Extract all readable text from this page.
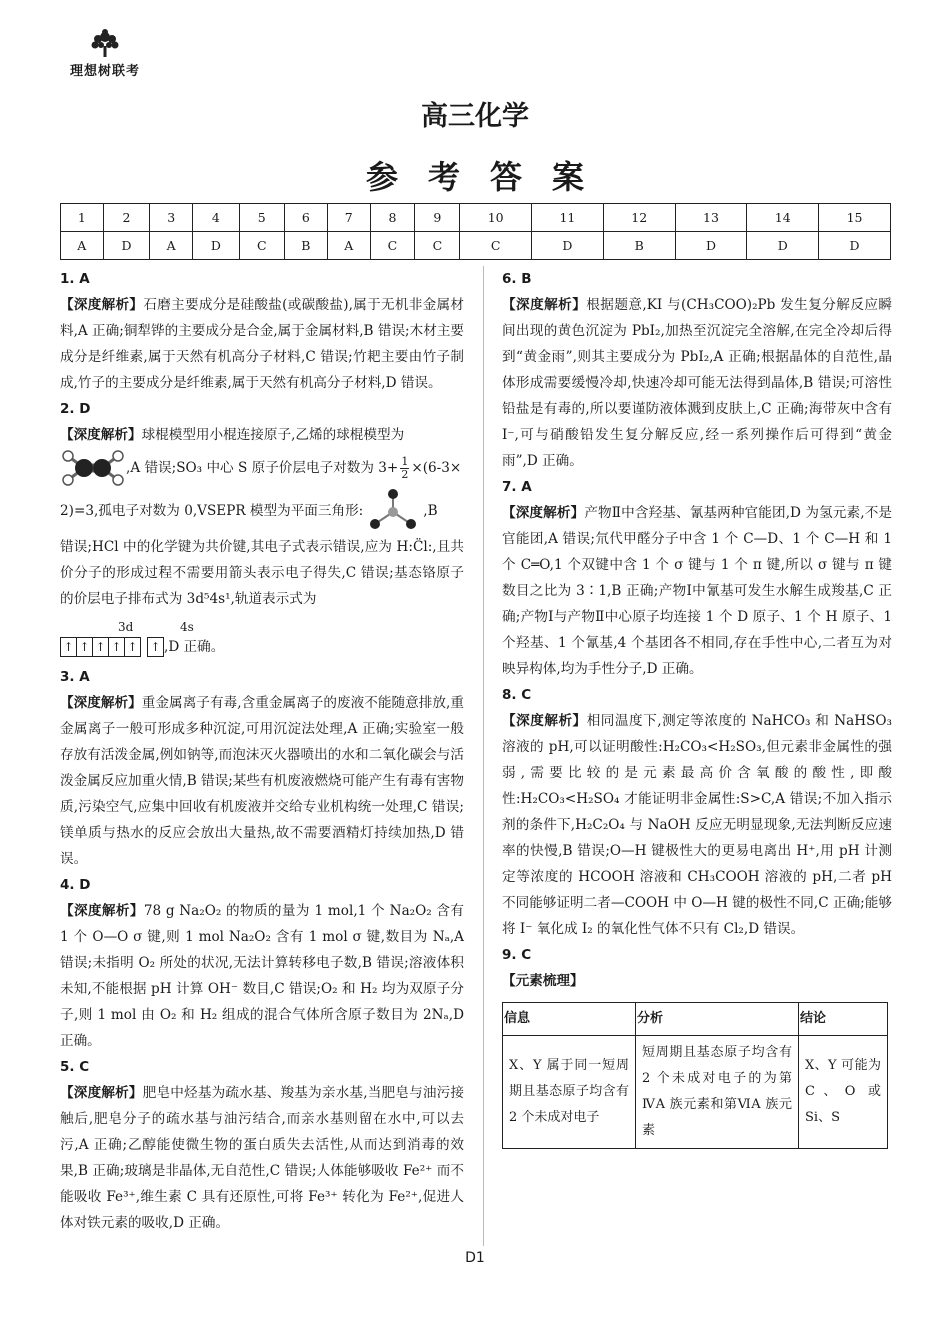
理想树联考
高三化学
参考答案
1	2	3	4	5	6	7	8	9	10	11	12	13	14	15
A	D	A	D	C	B	A	C	C	C	D	B	D	D	D
1. A

【深度解析】石磨主要成分是硅酸盐(或碳酸盐),属于无机非金属材料,A 正确;铜犁铧的主要成分是合金,属于金属材料,B 错误;木材主要成分是纤维素,属于天然有机高分子材料,C 错误;竹耙主要由竹子制成,竹子的主要成分是纤维素,属于天然有机高分子材料,D 错误。

2. D

【深度解析】球棍模型用小棍连接原子,乙烯的球棍模型为

,A 错误;SO₃ 中心 S 原子价层电子对数为 $3+ \frac{1}{2} \times(6-3\times$
2)=3,孤电子对数为 0,VSEPR 模型为平面三角形:	,B

错误;HCl 中的化学键为共价键,其电子式表示错误,应为 H:C̈l:,且共价分子的形成过程不需要用箭头表示电子得失,C 错误;基态铬原子的价层电子排布式为 3d⁵4s¹,轨道表示式为

3d	4s
↑ ↑ ↑ ↑ ↑ ↑ ,D 正确。
3. A

【深度解析】重金属离子有毒,含重金属离子的废液不能随意排放,重金属离子一般可形成多种沉淀,可用沉淀法处理,A 正确;实验室一般存放有活泼金属,例如钠等,而泡沫灭火器喷出的水和二氧化碳会与活泼金属反应加重火情,B 错误;某些有机废液燃烧可能产生有毒有害物质,污染空气,应集中回收有机废液并交给专业机构统一处理,C 错误;镁单质与热水的反应会放出大量热,故不需要酒精灯持续加热,D 错误。

4. D

【深度解析】78 g Na₂O₂ 的物质的量为 1 mol,1 个 Na₂O₂ 含有 1 个 O—O σ 键,则 1 mol Na₂O₂ 含有 1 mol σ 键,数目为 Nₐ,A 错误;未指明 O₂ 所处的状况,无法计算转移电子数,B 错误;溶液体积未知,不能根据 pH 计算 OH⁻ 数目,C 错误;O₂ 和 H₂ 均为双原子分子,则 1 mol 由 O₂ 和 H₂ 组成的混合气体所含原子数目为 2Nₐ,D 正确。

5. C

【深度解析】肥皂中烃基为疏水基、羧基为亲水基,当肥皂与油污接触后,肥皂分子的疏水基与油污结合,而亲水基则留在水中,可以去污,A 正确;乙醇能使微生物的蛋白质失去活性,从而达到消毒的效果,B 正确;玻璃是非晶体,无自范性,C 错误;人体能够吸收 Fe²⁺ 而不能吸收 Fe³⁺,维生素 C 具有还原性,可将 Fe³⁺ 转化为 Fe²⁺,促进人体对铁元素的吸收,D 正确。

6. B

【深度解析】根据题意,KI 与(CH₃COO)₂Pb 发生复分解反应瞬间出现的黄色沉淀为 PbI₂,加热至沉淀完全溶解,在完全冷却后得到“黄金雨”,则其主要成分为 PbI₂,A 正确;根据晶体的自范性,晶体形成需要缓慢冷却,快速冷却可能无法得到晶体,B 错误;可溶性铅盐是有毒的,所以要谨防液体溅到皮肤上,C 正确;海带灰中含有 I⁻,可与硝酸铅发生复分解反应,经一系列操作后可得到“黄金雨”,D 正确。

7. A

【深度解析】产物Ⅱ中含羟基、氰基两种官能团,D 为氢元素,不是官能团,A 错误;氘代甲醛分子中含 1 个 C—D、1 个 C—H 和 1 个 C═O,1 个双键中含 1 个 σ 键与 1 个 π 键,所以 σ 键与 π 键数目之比为 3∶1,B 正确;产物Ⅰ中氰基可发生水解生成羧基,C 正确;产物Ⅰ与产物Ⅱ中心原子均连接 1 个 D 原子、1 个 H 原子、1 个羟基、1 个氰基,4 个基团各不相同,存在手性中心,二者互为对映异构体,均为手性分子,D 正确。

8. C

【深度解析】相同温度下,测定等浓度的 NaHCO₃ 和 NaHSO₃ 溶液的 pH,可以证明酸性:H₂CO₃<H₂SO₃,但元素非金属性的强弱,需要比较的是元素最高价含氧酸的酸性,即酸性:H₂CO₃<H₂SO₄ 才能证明非金属性:S>C,A 错误;不加入指示剂的条件下,H₂C₂O₄ 与 NaOH 反应无明显现象,无法判断反应速率的快慢,B 错误;O—H 键极性大的更易电离出 H⁺,用 pH 计测定等浓度的 HCOOH 溶液和 CH₃COOH 溶液的 pH,二者 pH 不同能够证明二者—COOH 中 O—H 键的极性不同,C 正确;能够将 I⁻ 氧化成 I₂ 的氧化性气体不只有 Cl₂,D 错误。

9. C
【元素梳理】
信息	分析	结论
X、Y 属于同一短周期且基态原子均含有 2 个未成对电子	短周期且基态原子均含有 2 个未成对电子的为第ⅣA 族元素和第ⅥA 族元素	X、Y 可能为 C、O 或 Si、S
D1
